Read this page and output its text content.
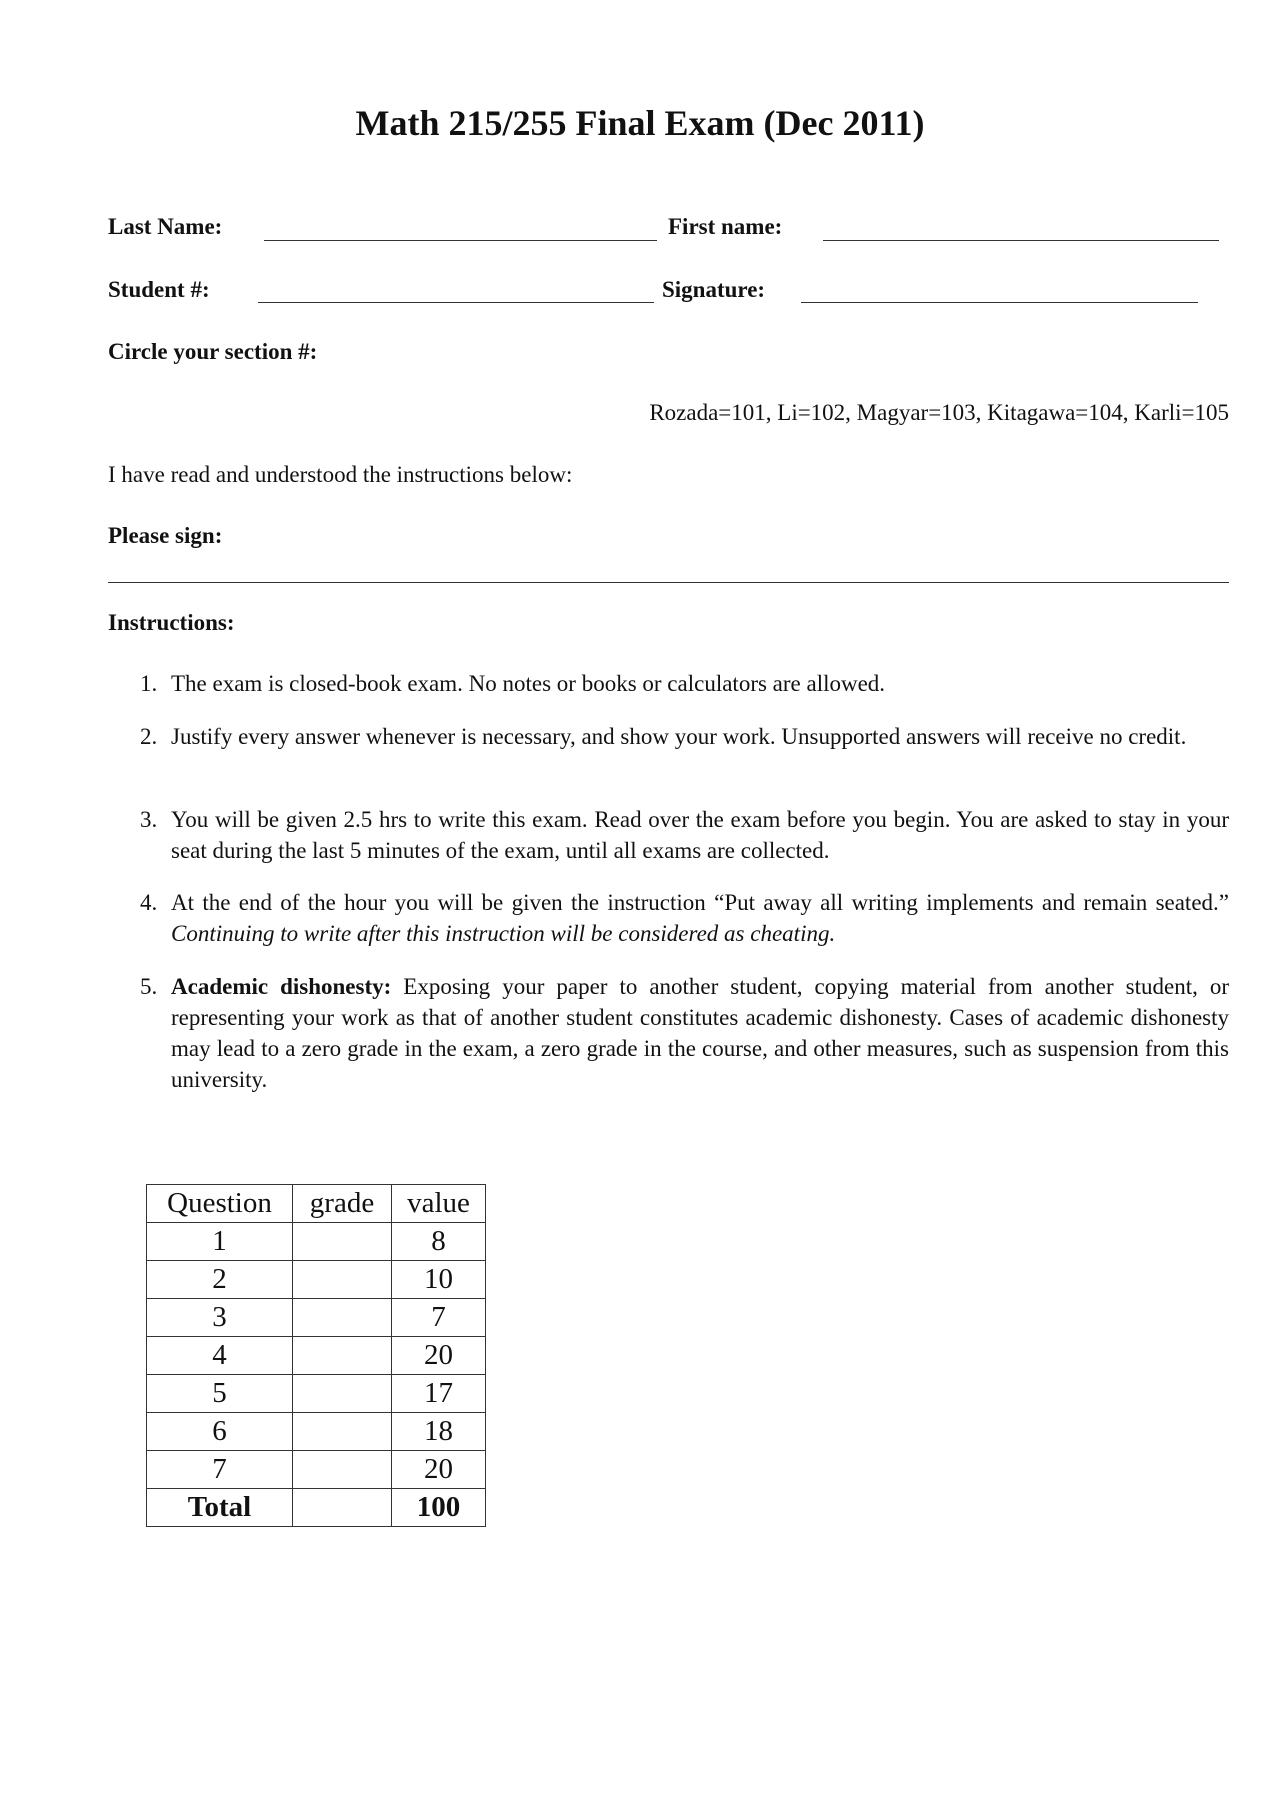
Math 215/255 Final Exam (Dec 2011)
Last Name:	First name:
Student #:	Signature:
Circle your section #:
Rozada=101, Li=102, Magyar=103, Kitagawa=104, Karli=105
I have read and understood the instructions below:
Please sign:
Instructions:
1. The exam is closed-book exam. No notes or books or calculators are allowed.
2. Justify every answer whenever is necessary, and show your work. Unsupported answers will receive no credit.
3. You will be given 2.5 hrs to write this exam. Read over the exam before you begin. You are asked to stay in your seat during the last 5 minutes of the exam, until all exams are collected.
4. At the end of the hour you will be given the instruction “Put away all writing implements and remain seated.” Continuing to write after this instruction will be considered as cheating.
5. Academic dishonesty: Exposing your paper to another student, copying material from another student, or representing your work as that of another student constitutes academic dishonesty. Cases of academic dishonesty may lead to a zero grade in the exam, a zero grade in the course, and other measures, such as suspension from this university.
Question	grade	value
1		8
2		10
3		7
4		20
5		17
6		18
7		20
Total		100
